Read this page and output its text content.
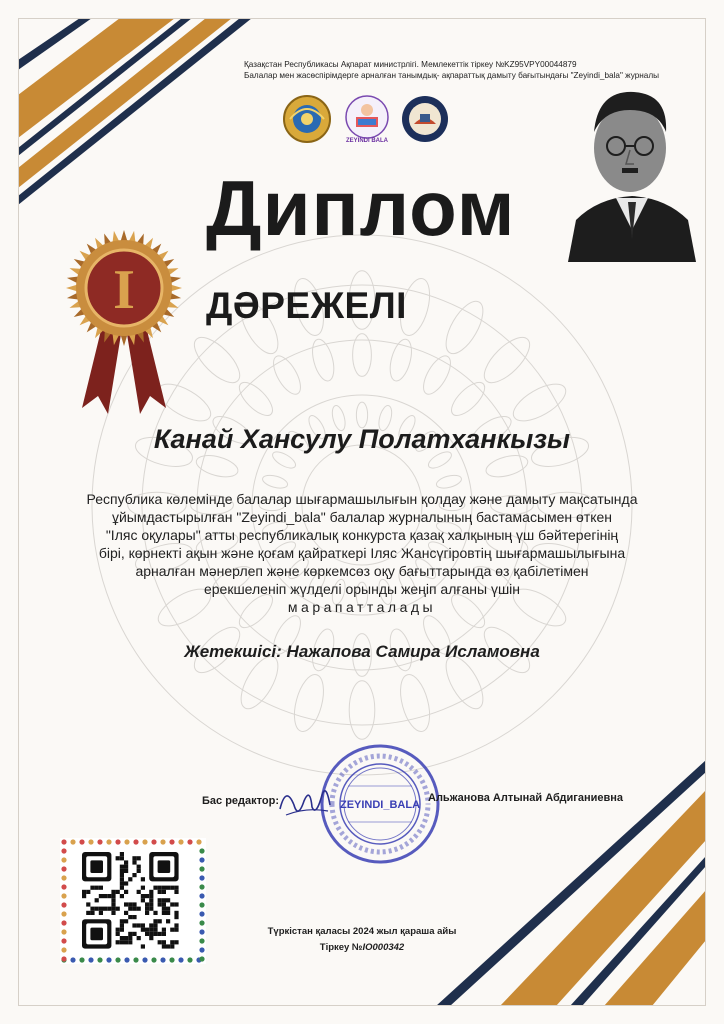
Қазақстан Республикасы Ақпарат министрлігі. Мемлекеттік тіркеу №KZ95VPY00044879
Балалар мен жасөспірімдерге арналған танымдық- ақпараттық дамыту бағытындағы "Zeyindi_bala" журналы
ZEYINDI BALA
Диплом
ДӘРЕЖЕЛІ
I
Канай Хансулу Полатханкызы
Республика көлемінде балалар шығармашылығын қолдау және дамыту мақсатында
ұйымдастырылған "Zeyindi_bala" балалар журналының бастамасымен өткен
"Іляс оқулары" атты республикалық конкурста қазақ халқының үш бәйтерегінің
бірі, көрнекті ақын және қоғам қайраткері Іляс Жансүгіровтің шығармашылығына
арналған мәнерлеп және көркемсөз оқу бағыттарында өз қабілетімен
ерекшеленіп жүлделі орынды жеңіп алғаны үшін
марапатталады
Жетекшісі: Нажапова Самира Исламовна
ZEYINDI_BALA
Бас редактор:	Альжанова Алтынай Абдиганиевна
Түркістан қаласы 2024 жыл қараша айы
Тіркеу №IO000342
